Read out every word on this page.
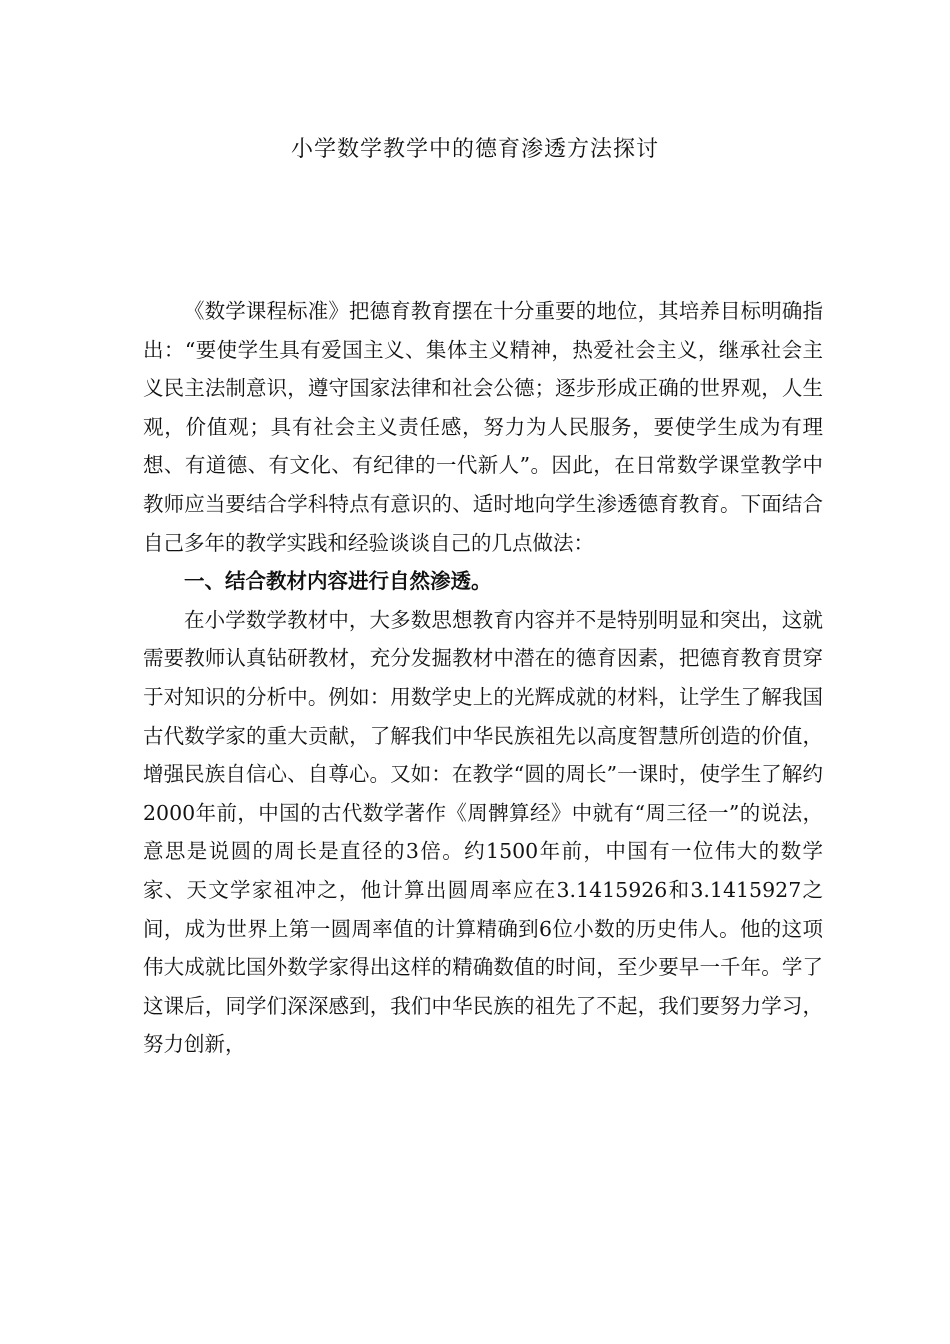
小学数学教学中的德育渗透方法探讨

《数学课程标准》把德育教育摆在十分重要的地位，其培养目标明确指出：“要使学生具有爱国主义、集体主义精神，热爱社会主义，继承社会主义民主法制意识，遵守国家法律和社会公德；逐步形成正确的世界观，人生观，价值观；具有社会主义责任感，努力为人民服务，要使学生成为有理想、有道德、有文化、有纪律的一代新人”。因此，在日常数学课堂教学中教师应当要结合学科特点有意识的、适时地向学生渗透德育教育。下面结合自己多年的教学实践和经验谈谈自己的几点做法：

一、结合教材内容进行自然渗透。

在小学数学教材中，大多数思想教育内容并不是特别明显和突出，这就需要教师认真钻研教材，充分发掘教材中潜在的德育因素，把德育教育贯穿于对知识的分析中。例如：用数学史上的光辉成就的材料，让学生了解我国古代数学家的重大贡献，了解我们中华民族祖先以高度智慧所创造的价值，增强民族自信心、自尊心。又如：在教学“圆的周长”一课时，使学生了解约2000年前，中国的古代数学著作《周髀算经》中就有“周三径一”的说法，意思是说圆的周长是直径的3倍。约1500年前，中国有一位伟大的数学家、天文学家祖冲之，他计算出圆周率应在3.1415926和3.1415927之间，成为世界上第一圆周率值的计算精确到6位小数的历史伟人。他的这项伟大成就比国外数学家得出这样的精确数值的时间，至少要早一千年。学了这课后，同学们深深感到，我们中华民族的祖先了不起，我们要努力学习，努力创新，
